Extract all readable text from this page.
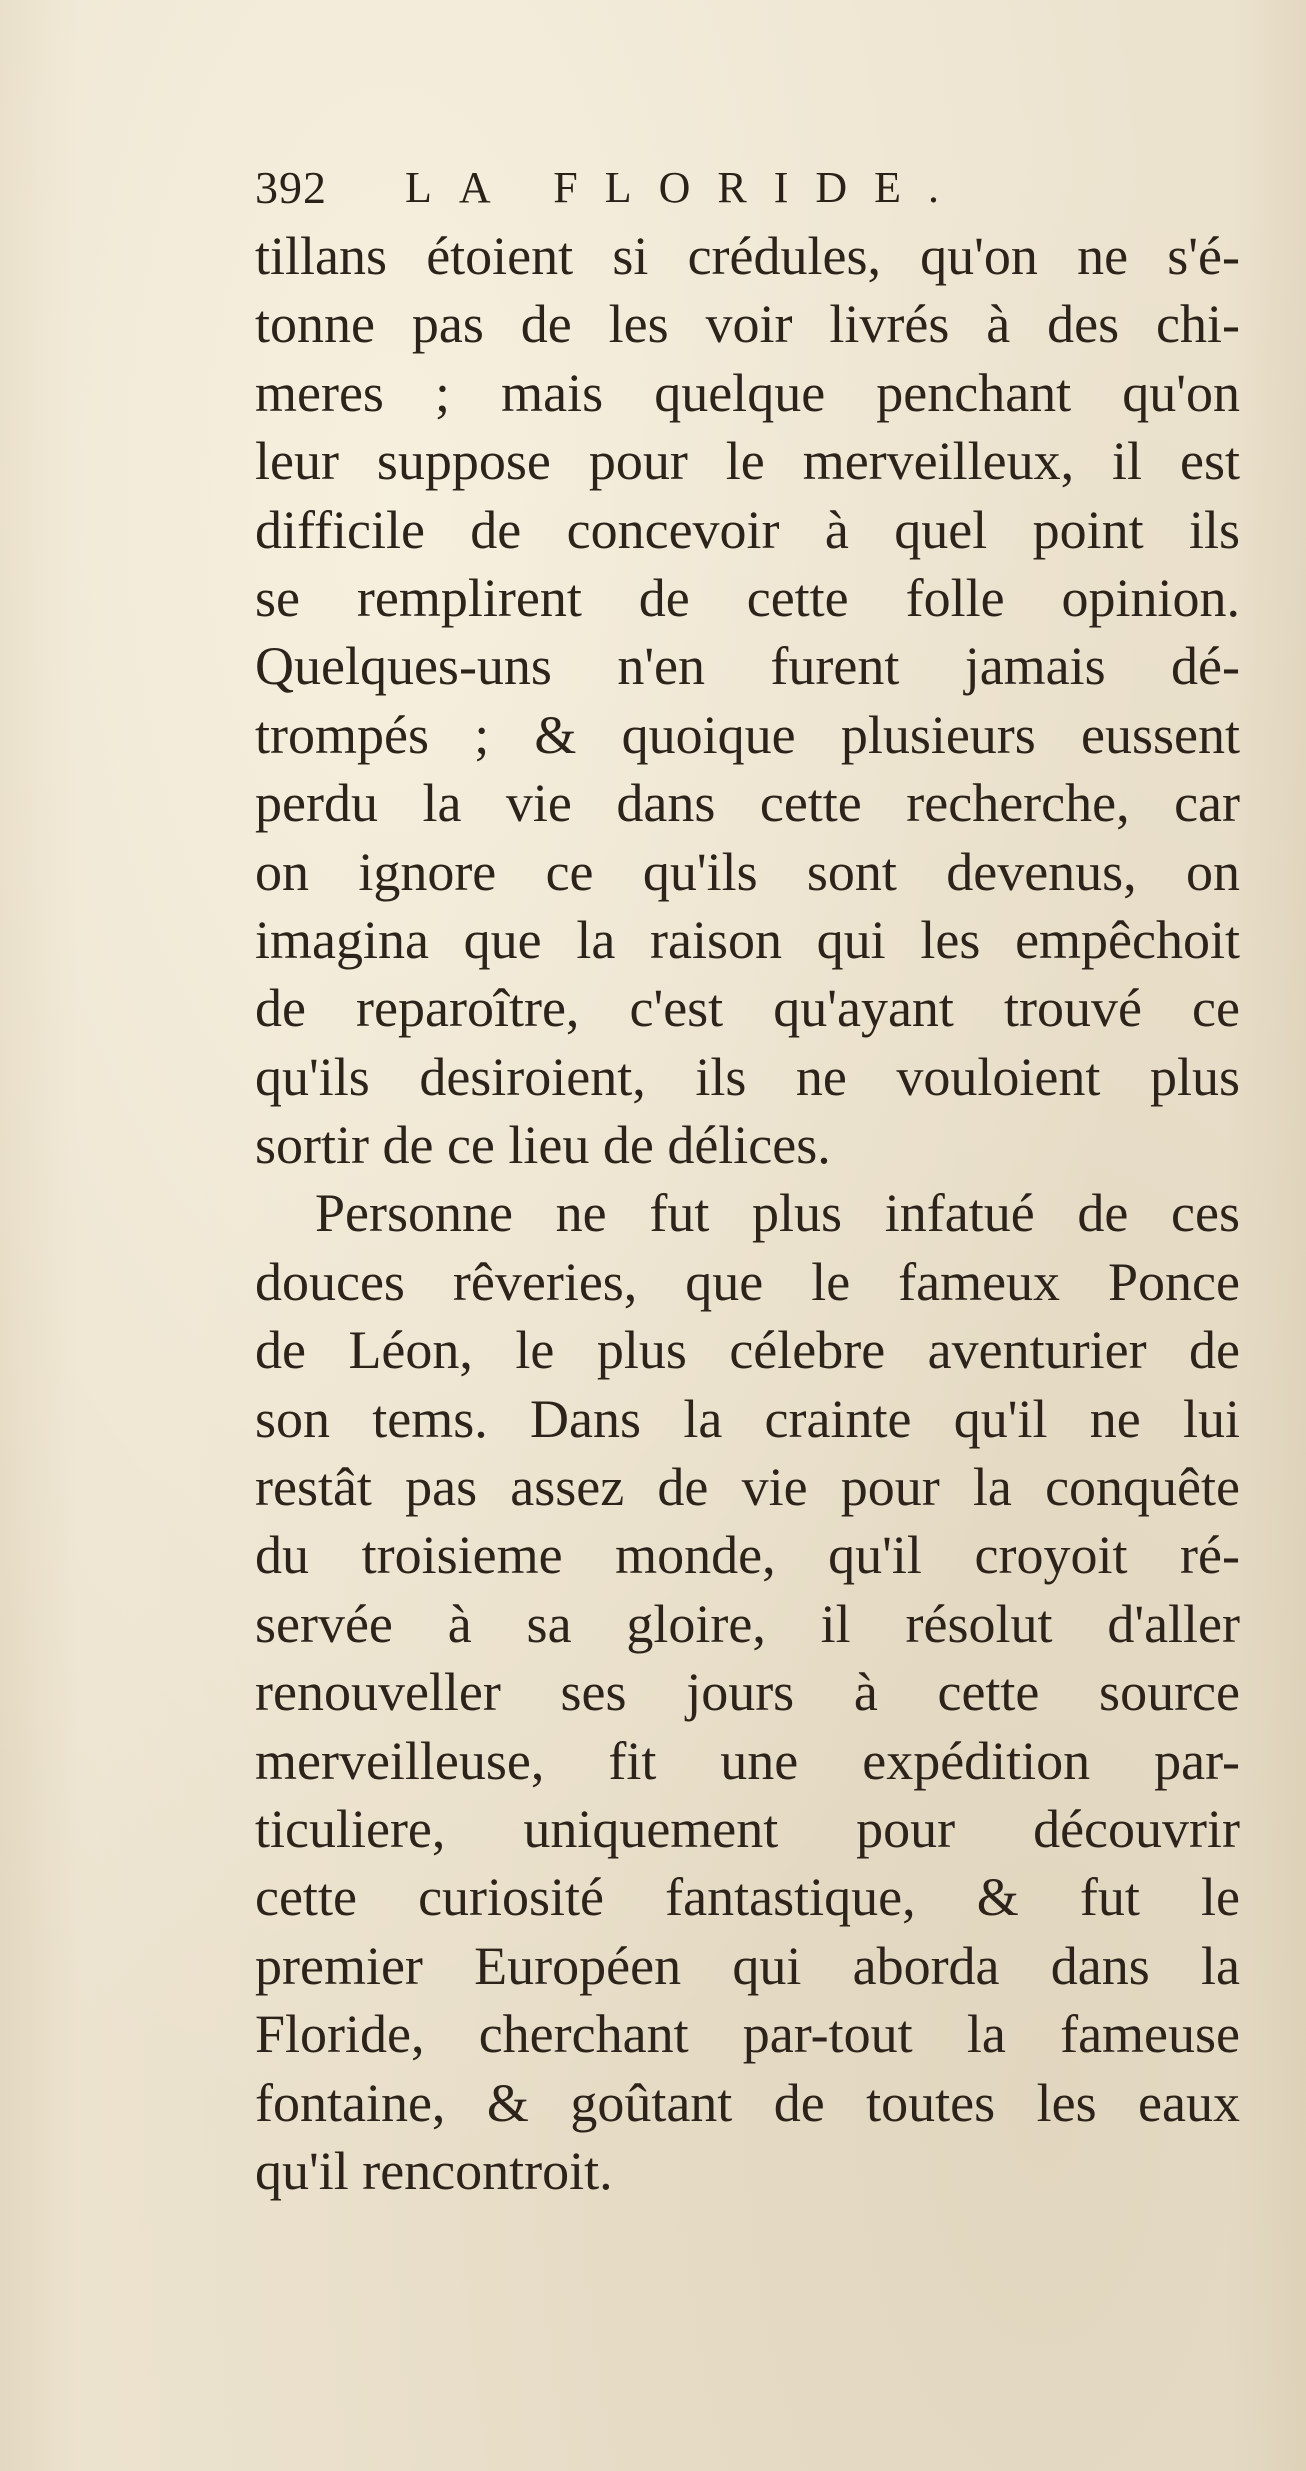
392 LA FLORIDE.
tillans étoient si crédules, qu'on ne s'é-
tonne pas de les voir livrés à des chi-
meres ; mais quelque penchant qu'on
leur suppose pour le merveilleux, il est
difficile de concevoir à quel point ils
se remplirent de cette folle opinion.
Quelques-uns n'en furent jamais dé-
trompés ; & quoique plusieurs eussent
perdu la vie dans cette recherche, car
on ignore ce qu'ils sont devenus, on
imagina que la raison qui les empêchoit
de reparoître, c'est qu'ayant trouvé ce
qu'ils desiroient, ils ne vouloient plus
sortir de ce lieu de délices.
Personne ne fut plus infatué de ces
douces rêveries, que le fameux Ponce
de Léon, le plus célebre aventurier de
son tems. Dans la crainte qu'il ne lui
restât pas assez de vie pour la conquête
du troisieme monde, qu'il croyoit ré-
servée à sa gloire, il résolut d'aller
renouveller ses jours à cette source
merveilleuse, fit une expédition par-
ticuliere, uniquement pour découvrir
cette curiosité fantastique, & fut le
premier Européen qui aborda dans la
Floride, cherchant par-tout la fameuse
fontaine, & goûtant de toutes les eaux
qu'il rencontroit.
